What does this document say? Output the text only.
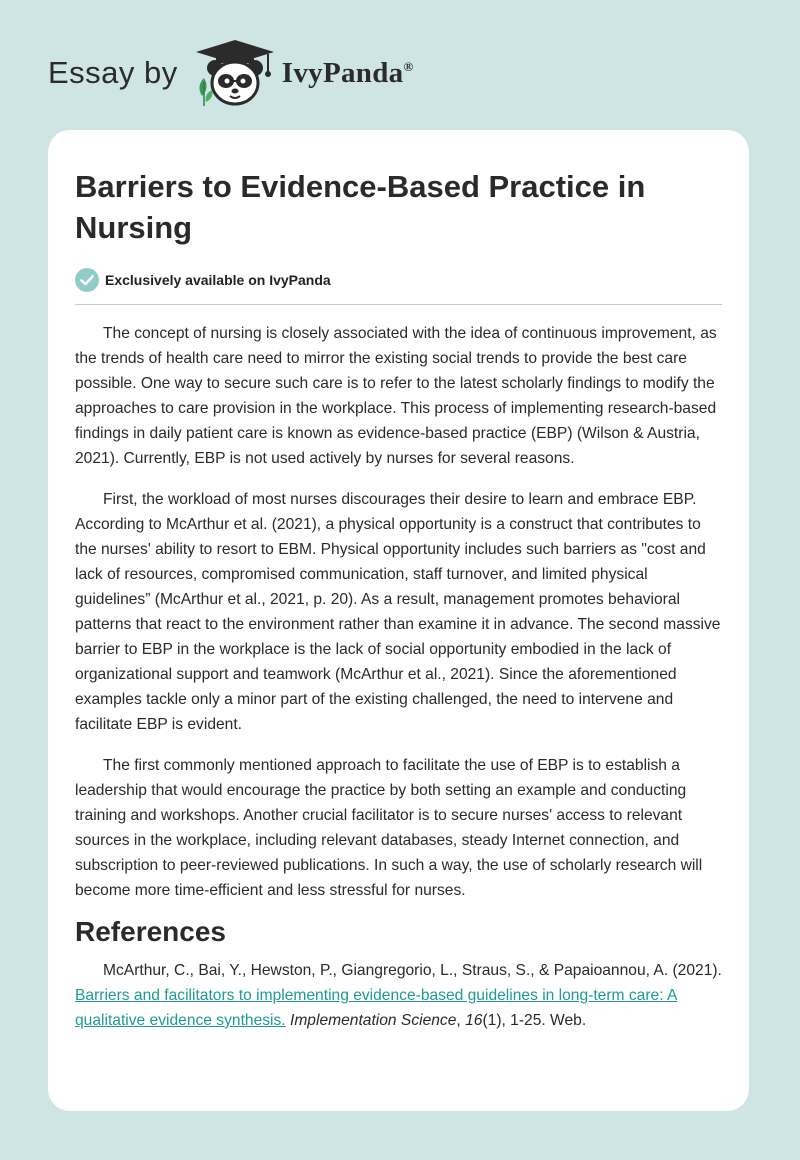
Essay by	IvyPanda®
Barriers to Evidence-Based Practice in Nursing
Exclusively available on IvyPanda

The concept of nursing is closely associated with the idea of continuous improvement, as the trends of health care need to mirror the existing social trends to provide the best care possible. One way to secure such care is to refer to the latest scholarly findings to modify the approaches to care provision in the workplace. This process of implementing research-based findings in daily patient care is known as evidence-based practice (EBP) (Wilson & Austria, 2021). Currently, EBP is not used actively by nurses for several reasons.

First, the workload of most nurses discourages their desire to learn and embrace EBP. According to McArthur et al. (2021), a physical opportunity is a construct that contributes to the nurses' ability to resort to EBM. Physical opportunity includes such barriers as "cost and lack of resources, compromised communication, staff turnover, and limited physical guidelines” (McArthur et al., 2021, p. 20). As a result, management promotes behavioral patterns that react to the environment rather than examine it in advance. The second massive barrier to EBP in the workplace is the lack of social opportunity embodied in the lack of organizational support and teamwork (McArthur et al., 2021). Since the aforementioned examples tackle only a minor part of the existing challenged, the need to intervene and facilitate EBP is evident.

The first commonly mentioned approach to facilitate the use of EBP is to establish a leadership that would encourage the practice by both setting an example and conducting training and workshops. Another crucial facilitator is to secure nurses' access to relevant sources in the workplace, including relevant databases, steady Internet connection, and subscription to peer-reviewed publications. In such a way, the use of scholarly research will become more time-efficient and less stressful for nurses.

References

McArthur, C., Bai, Y., Hewston, P., Giangregorio, L., Straus, S., & Papaioannou, A. (2021). Barriers and facilitators to implementing evidence-based guidelines in long-term care: A qualitative evidence synthesis. Implementation Science, 16(1), 1-25. Web.
